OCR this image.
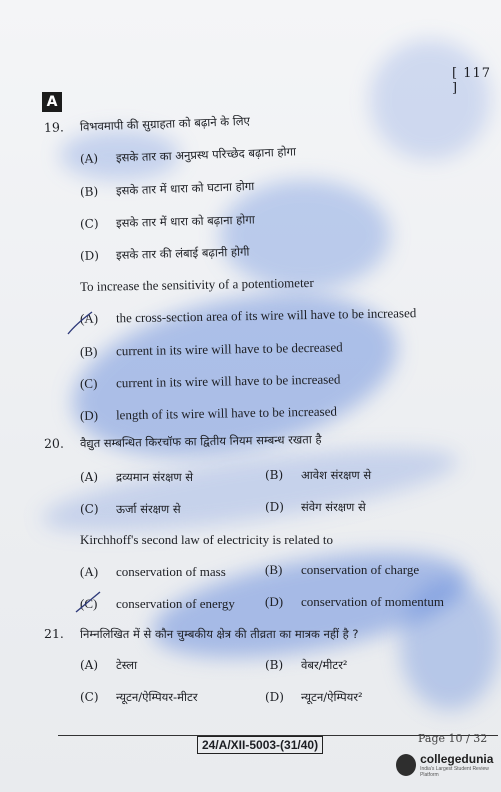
[ 117 ]
A
19. विभवमापी की सुग्राहता को बढ़ाने के लिए
(A) इसके तार का अनुप्रस्थ परिच्छेद बढ़ाना होगा
(B) इसके तार में धारा को घटाना होगा
(C) इसके तार में धारा को बढ़ाना होगा
(D) इसके तार की लंबाई बढ़ानी होगी
To increase the sensitivity of a potentiometer
(A) the cross-section area of its wire will have to be increased
(B) current in its wire will have to be decreased
(C) current in its wire will have to be increased
(D) length of its wire will have to be increased
20. वैद्युत सम्बन्धित किरचॉफ का द्वितीय नियम सम्बन्ध रखता है
(A) द्रव्यमान संरक्षण से	(B) आवेश संरक्षण से
(C) ऊर्जा संरक्षण से	(D) संवेग संरक्षण से
Kirchhoff's second law of electricity is related to
(A) conservation of mass	(B) conservation of charge
(C) conservation of energy (D) conservation of momentum
21. निम्नलिखित में से कौन चुम्बकीय क्षेत्र की तीव्रता का मात्रक नहीं है ?
(A) टेस्ला	(B) वेबर/मीटर²
(C) न्यूटन/ऐम्पियर-मीटर	(D) न्यूटन/ऐम्पियर²
24/A/XII-5003-(31/40)	Page 10 / 32
collegedunia
India's Largest Student Review Platform
